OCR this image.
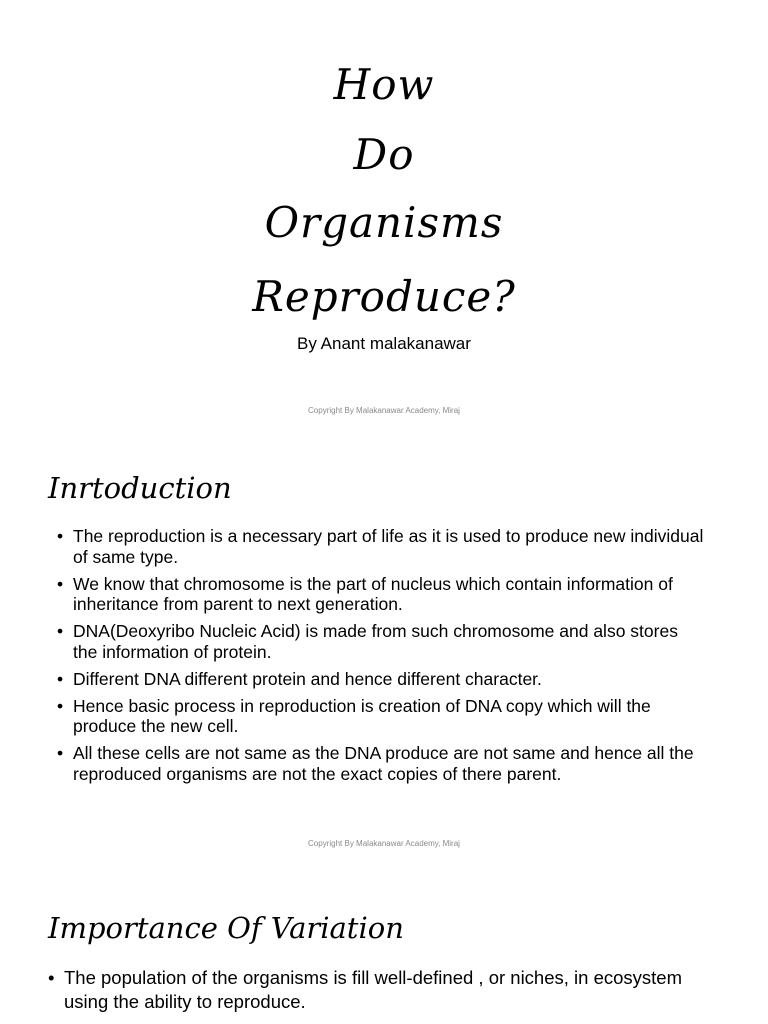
How
Do
Organisms
Reproduce?
By Anant malakanawar
Copyright By Malakanawar Academy, Miraj
Inrtoduction
• The reproduction is a necessary part of life as it is used to produce new individual of same type.
• We know that chromosome is the part of nucleus which contain information of inheritance from parent to next generation.
• DNA(Deoxyribo Nucleic Acid) is made from such chromosome and also stores the information of protein.
• Different DNA different protein and hence different character.
• Hence basic process in reproduction is creation of DNA copy which will the produce the new cell.
• All these cells are not same as the DNA produce are not same and hence all the reproduced organisms are not the exact copies of there parent.
Copyright By Malakanawar Academy, Miraj
Importance Of Variation
• The population of the organisms is fill well-defined , or niches, in ecosystem using the ability to reproduce.
